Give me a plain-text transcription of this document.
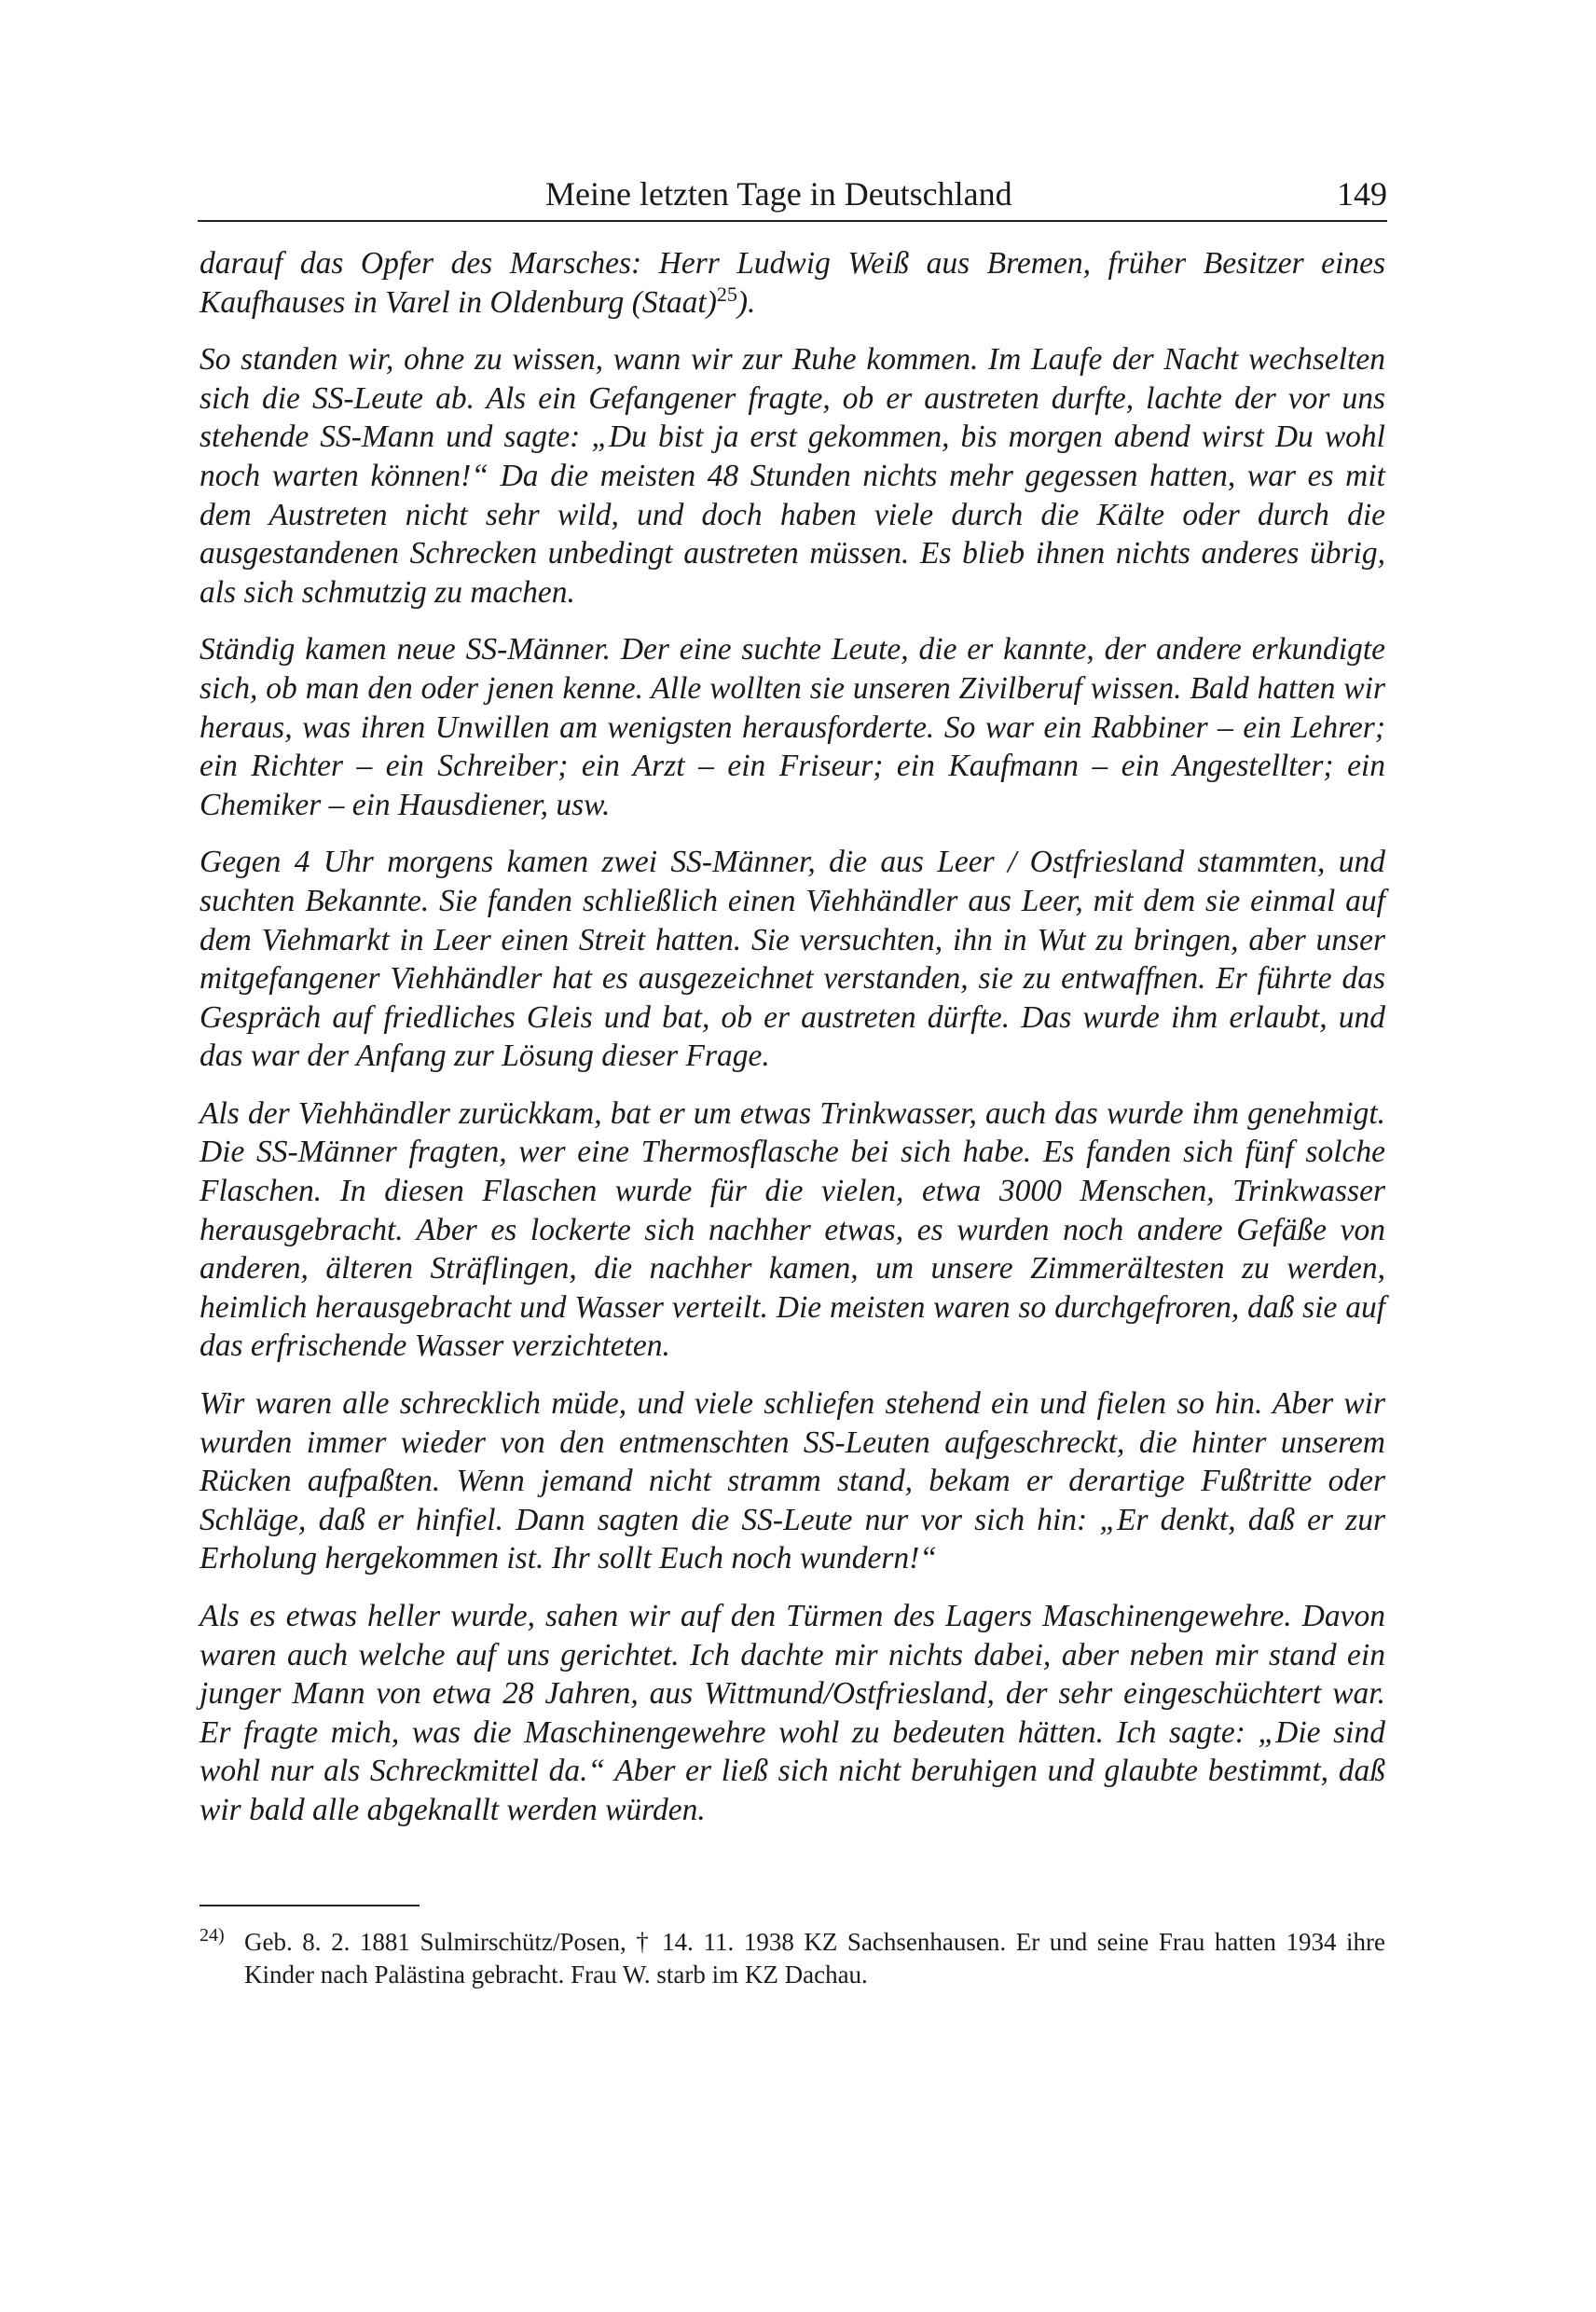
Meine letzten Tage in Deutschland	149

darauf das Opfer des Marsches: Herr Ludwig Weiß aus Bremen, früher Besitzer eines Kaufhauses in Varel in Oldenburg (Staat)$^{25}$).

So standen wir, ohne zu wissen, wann wir zur Ruhe kommen. Im Laufe der Nacht wechselten sich die SS-Leute ab. Als ein Gefangener fragte, ob er austreten durfte, lachte der vor uns stehende SS-Mann und sagte: „Du bist ja erst gekommen, bis morgen abend wirst Du wohl noch warten können!“ Da die meisten 48 Stunden nichts mehr gegessen hatten, war es mit dem Austreten nicht sehr wild, und doch haben viele durch die Kälte oder durch die ausgestandenen Schrecken unbedingt austreten müssen. Es blieb ihnen nichts anderes übrig, als sich schmutzig zu machen.

Ständig kamen neue SS-Männer. Der eine suchte Leute, die er kannte, der andere erkundigte sich, ob man den oder jenen kenne. Alle wollten sie unseren Zivilberuf wissen. Bald hatten wir heraus, was ihren Unwillen am wenigsten herausforderte. So war ein Rabbiner – ein Lehrer; ein Richter – ein Schreiber; ein Arzt – ein Friseur; ein Kaufmann – ein Angestellter; ein Chemiker – ein Hausdiener, usw.

Gegen 4 Uhr morgens kamen zwei SS-Männer, die aus Leer / Ostfriesland stammten, und suchten Bekannte. Sie fanden schließlich einen Viehhändler aus Leer, mit dem sie einmal auf dem Viehmarkt in Leer einen Streit hatten. Sie versuchten, ihn in Wut zu bringen, aber unser mitgefangener Viehhändler hat es ausgezeichnet verstanden, sie zu entwaffnen. Er führte das Gespräch auf friedliches Gleis und bat, ob er austreten dürfte. Das wurde ihm erlaubt, und das war der Anfang zur Lösung dieser Frage.

Als der Viehhändler zurückkam, bat er um etwas Trinkwasser, auch das wurde ihm genehmigt. Die SS-Männer fragten, wer eine Thermosflasche bei sich habe. Es fanden sich fünf solche Flaschen. In diesen Flaschen wurde für die vielen, etwa 3000 Menschen, Trinkwasser herausgebracht. Aber es lockerte sich nachher etwas, es wurden noch andere Gefäße von anderen, älteren Sträflingen, die nachher kamen, um unsere Zimmerältesten zu werden, heimlich herausgebracht und Wasser verteilt. Die meisten waren so durchgefroren, daß sie auf das erfrischende Wasser verzichteten.

Wir waren alle schrecklich müde, und viele schliefen stehend ein und fielen so hin. Aber wir wurden immer wieder von den entmenschten SS-Leuten aufgeschreckt, die hinter unserem Rücken aufpaßten. Wenn jemand nicht stramm stand, bekam er derartige Fußtritte oder Schläge, daß er hinfiel. Dann sagten die SS-Leute nur vor sich hin: „Er denkt, daß er zur Erholung hergekommen ist. Ihr sollt Euch noch wundern!“

Als es etwas heller wurde, sahen wir auf den Türmen des Lagers Maschinengewehre. Davon waren auch welche auf uns gerichtet. Ich dachte mir nichts dabei, aber neben mir stand ein junger Mann von etwa 28 Jahren, aus Wittmund/Ostfriesland, der sehr eingeschüchtert war. Er fragte mich, was die Maschinengewehre wohl zu bedeuten hätten. Ich sagte: „Die sind wohl nur als Schreckmittel da.“ Aber er ließ sich nicht beruhigen und glaubte bestimmt, daß wir bald alle abgeknallt werden würden.

24) Geb. 8. 2. 1881 Sulmirschütz/Posen, † 14. 11. 1938 KZ Sachsenhausen. Er und seine Frau hatten 1934 ihre Kinder nach Palästina gebracht. Frau W. starb im KZ Dachau.
